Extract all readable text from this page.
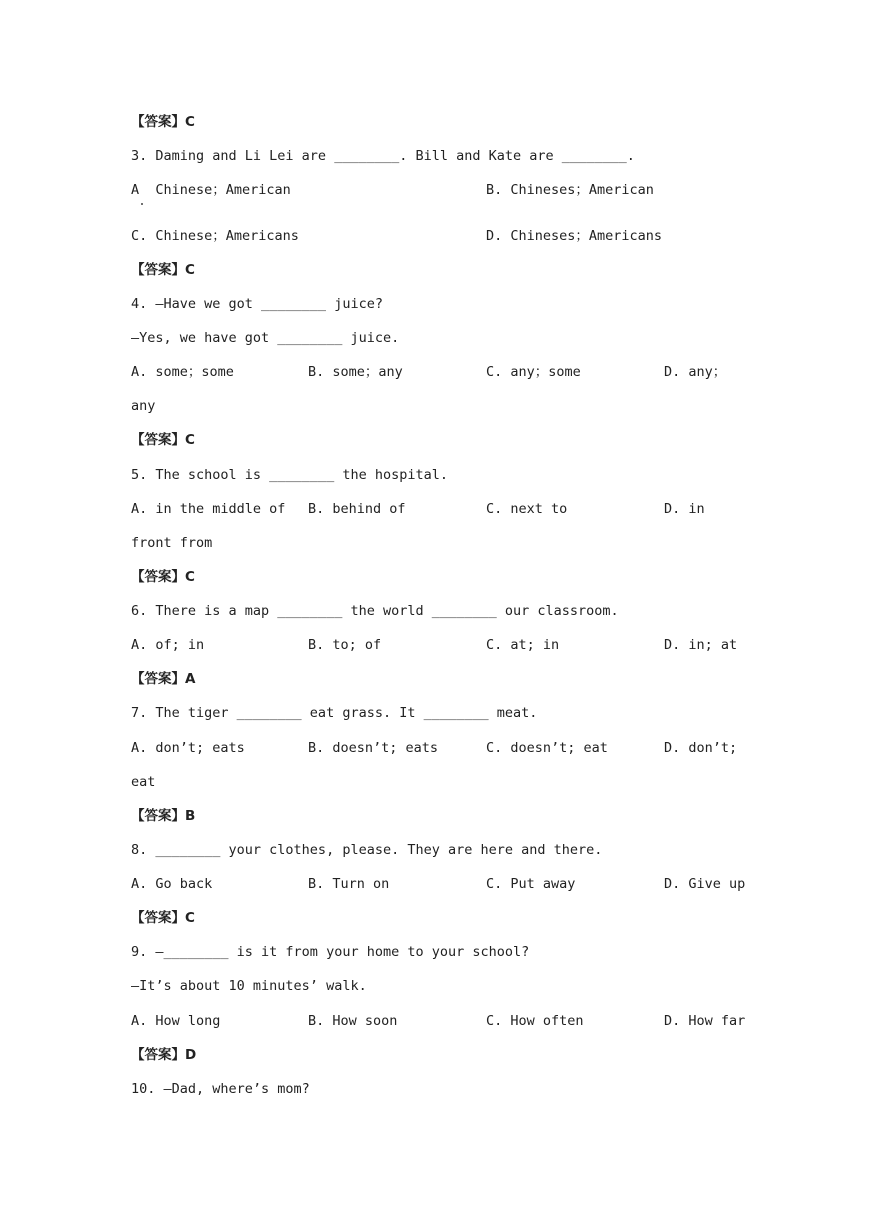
【答案】C
3. Daming and Li Lei are ________. Bill and Kate are ________.
A  Chinese；American	B. Chineses；American
C. Chinese；Americans	D. Chineses；Americans
【答案】C
4. —Have we got ________ juice?
—Yes, we have got ________ juice.
A. some；some	B. some；any	C. any；some	D. any；
any
【答案】C
5. The school is ________ the hospital.
A. in the middle of B. behind of	C. next to	D. in
front from
【答案】C
6. There is a map ________ the world ________ our classroom.
A. of; in	B. to; of	C. at; in	D. in; at
【答案】A
7. The tiger ________ eat grass. It ________ meat.
A. don’t; eats	B. doesn’t; eats	C. doesn’t; eat	D. don’t;
eat
【答案】B
8. ________ your clothes, please. They are here and there.
A. Go back	B. Turn on	C. Put away	D. Give up
【答案】C
9. —________ is it from your home to your school?
—It’s about 10 minutes’ walk.
A. How long	B. How soon	C. How often	D. How far
【答案】D
10. —Dad, where’s mom?
